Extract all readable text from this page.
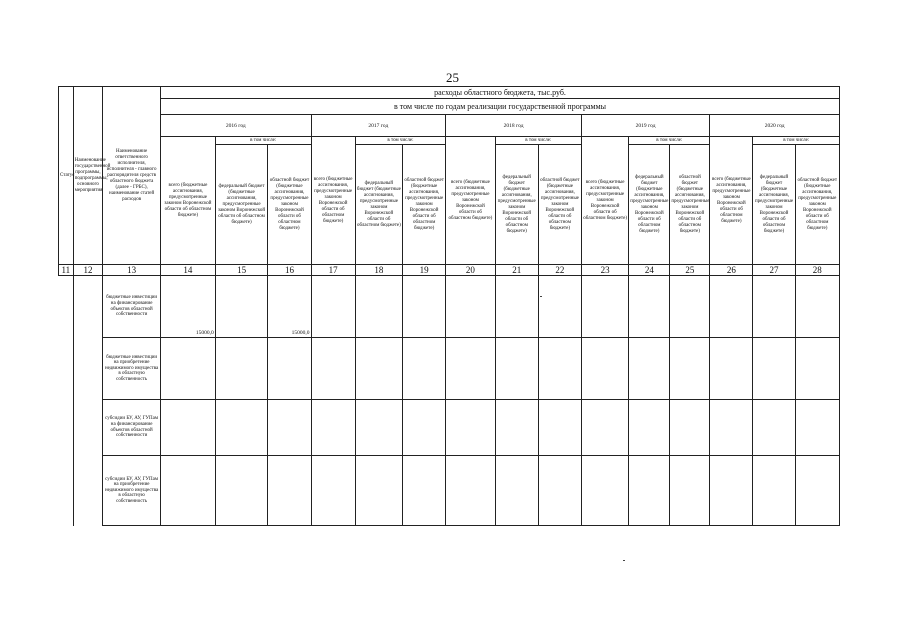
25
Статус	Наименование государственной программы, подпрограммы, основного мероприятия	Наименование ответственного исполнителя, исполнителя - главного распорядителя средств областного бюджета (далее - ГРБС), наименование статей расходов	расходы областного бюджета, тыс.руб.														
			в том числе по годам реализации государственной программы														
			2016 год			2017 год			2018 год			2019 год			2020 год		
			всего (бюджетные ассигнования, предусмотренные законом Воронежской области об областном бюджете)	в том числе:		всего (бюджетные ассигнования, предусмотренные законом Воронежской области об областном бюджете)	в том числе:		всего (бюджетные ассигнования, предусмотренные законом Воронежской области об областном бюджете)	в том числе:		всего (бюджетные ассигнования, предусмотренные законом Воронежской области об областном бюджете)	в том числе:		всего (бюджетные ассигнования, предусмотренные законом Воронежской области об областном бюджете)	в том числе:	
				федеральный бюджет (бюджетные ассигнования, предусмотренные законом Воронежской области об областном бюджете)	областной бюджет (бюджетные ассигнования, предусмотренные законом Воронежской области об областном бюджете)		федеральный бюджет (бюджетные ассигнования, предусмотренные законом Воронежской области об областном бюджете)	областной бюджет (бюджетные ассигнования, предусмотренные законом Воронежской области об областном бюджете)		федеральный бюджет (бюджетные ассигнования, предусмотренные законом Воронежской области об областном бюджете)	областной бюджет (бюджетные ассигнования, предусмотренные законом Воронежской области об областном бюджете)		федеральный бюджет (бюджетные ассигнования, предусмотренные законом Воронежской области об областном бюджете)	областной бюджет (бюджетные ассигнования, предусмотренные законом Воронежской области об областном бюджете)		федеральный бюджет (бюджетные ассигнования, предусмотренные законом Воронежской области об областном бюджете)	областной бюджет (бюджетные ассигнования, предусмотренные законом Воронежской области об областном бюджете)
11	12	13	14	15	16	17	18	19	20	21	22	23	24	25	26	27	28
		бюджетные инвестиции на финансирование объектов областной собственности	15000,0		15000,0												
		бюджетные инвестиции на приобретение недвижимого имущества в областную собственность															
		субсидии БУ, АУ, ГУПам на финансирование объектов областной собственности															
		субсидии БУ, АУ, ГУПам на приобретение недвижимого имущества в областную собственность															
